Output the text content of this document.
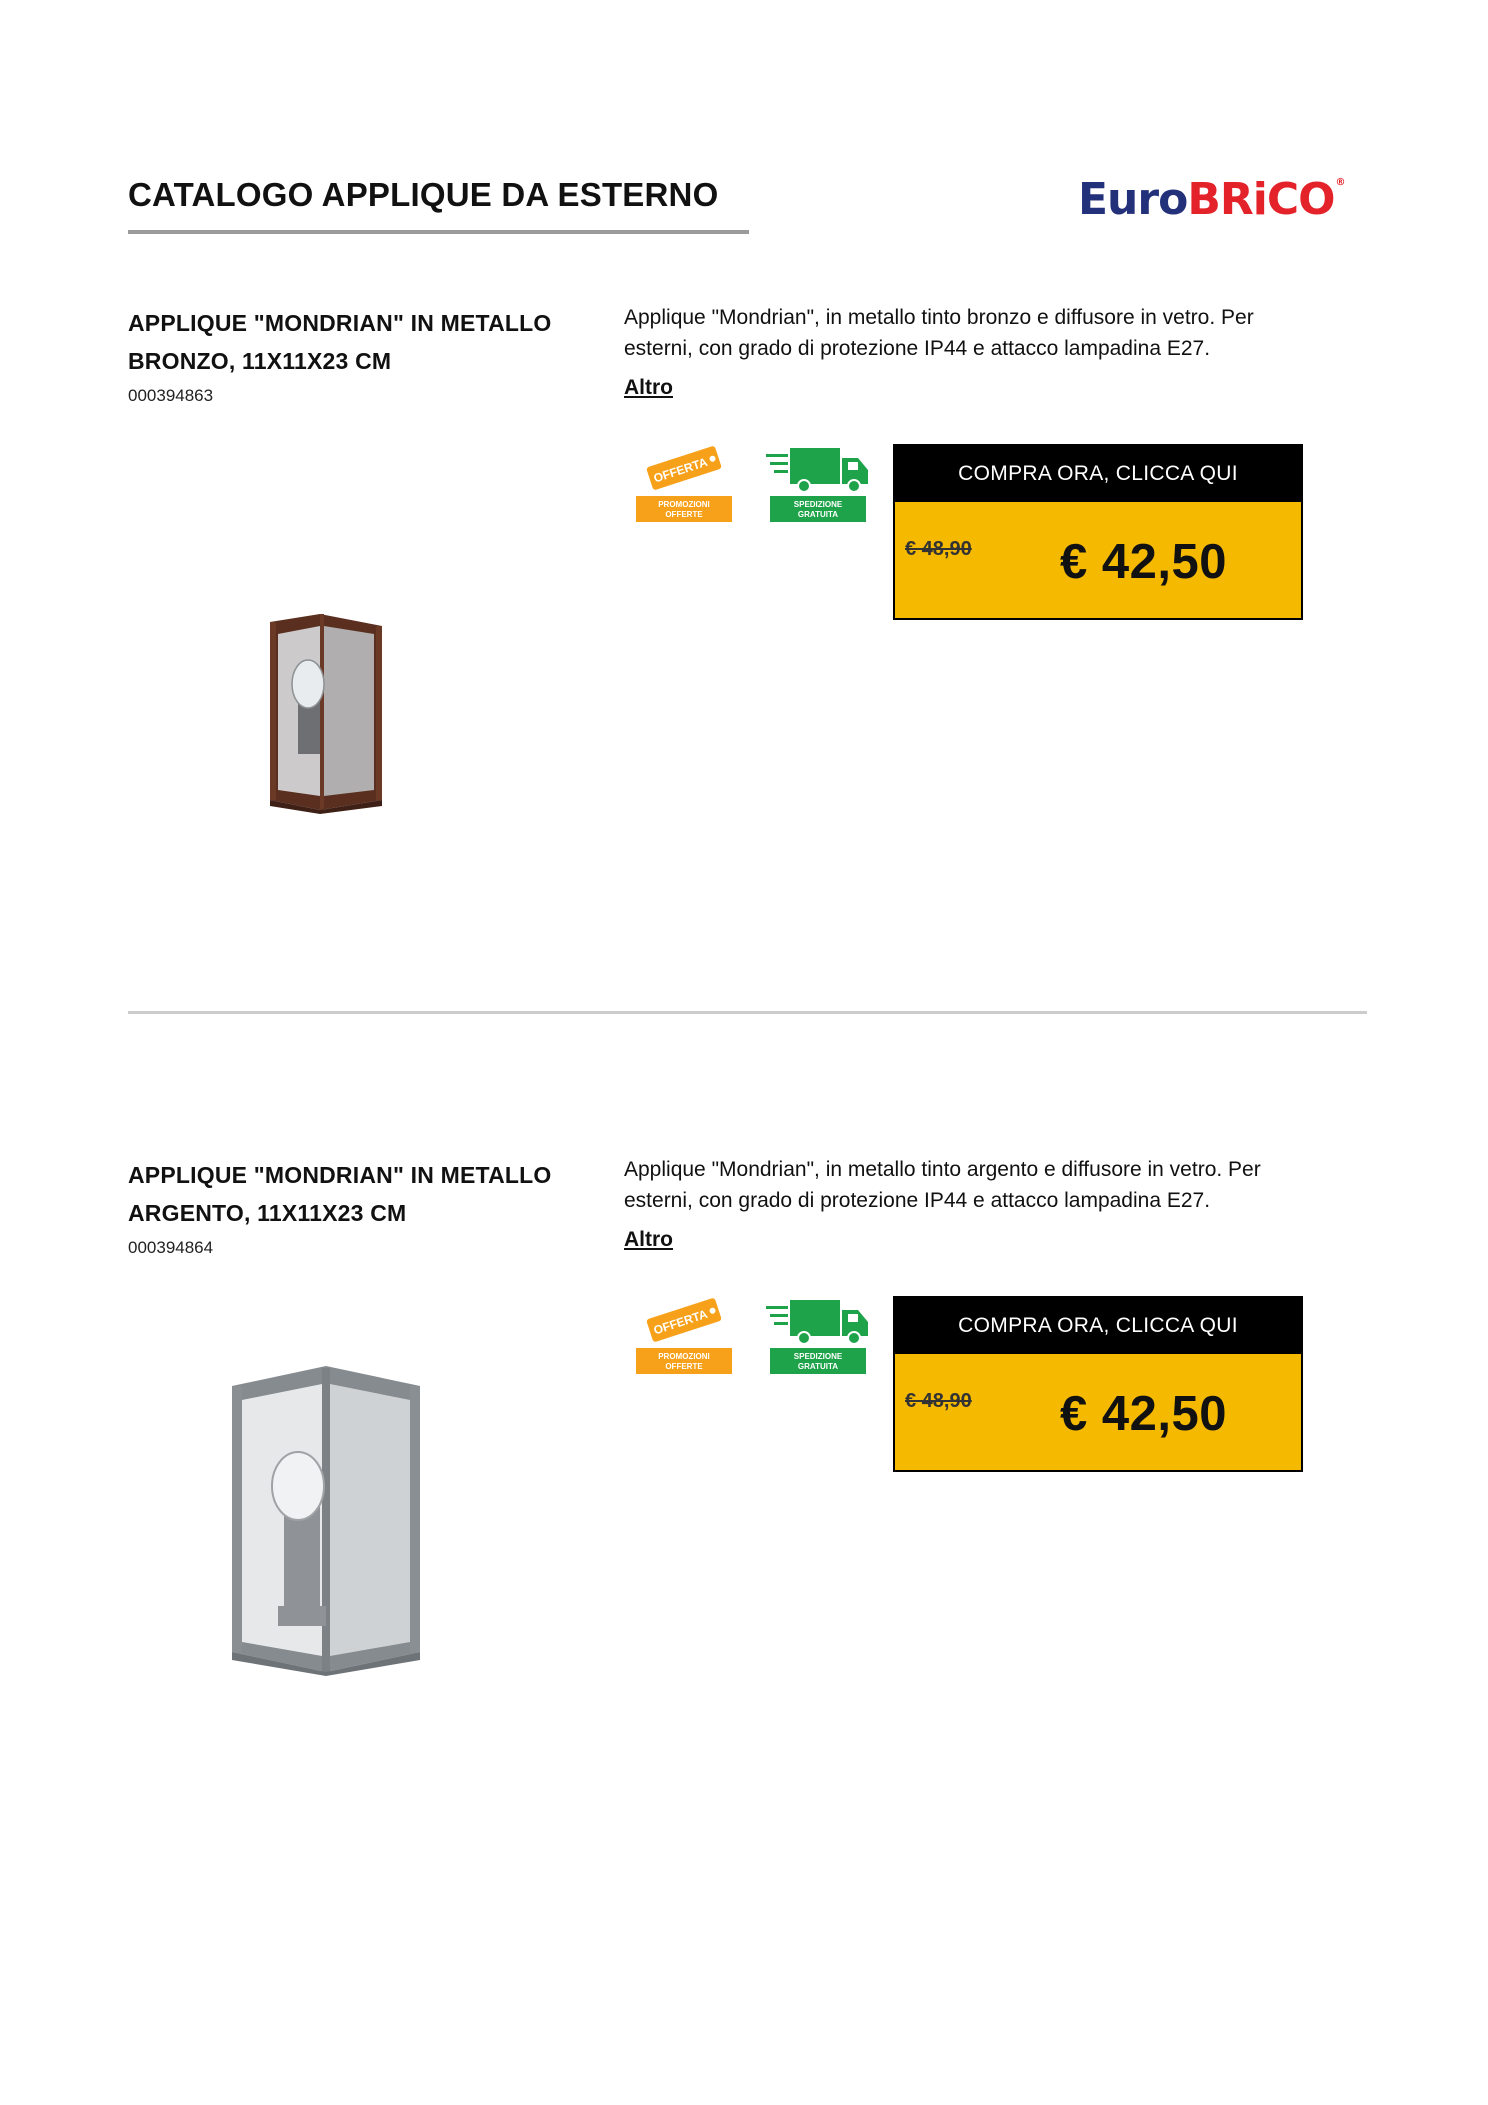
CATALOGO APPLIQUE DA ESTERNO	EuroBRiCO®
APPLIQUE "MONDRIAN" IN METALLO
BRONZO, 11X11X23 CM
000394863
Applique "Mondrian", in metallo tinto bronzo e diffusore in vetro. Per
esterni, con grado di protezione IP44 e attacco lampadina E27.
Altro
OFFERTA
PROMOZIONI
OFFERTE
SPEDIZIONE
GRATUITA
COMPRA ORA, CLICCA QUI
€ 48,90 € 42,50
APPLIQUE "MONDRIAN" IN METALLO
ARGENTO, 11X11X23 CM
000394864
Applique "Mondrian", in metallo tinto argento e diffusore in vetro. Per
esterni, con grado di protezione IP44 e attacco lampadina E27.
Altro
OFFERTA
PROMOZIONI
OFFERTE
SPEDIZIONE
GRATUITA
COMPRA ORA, CLICCA QUI
€ 48,90 € 42,50
